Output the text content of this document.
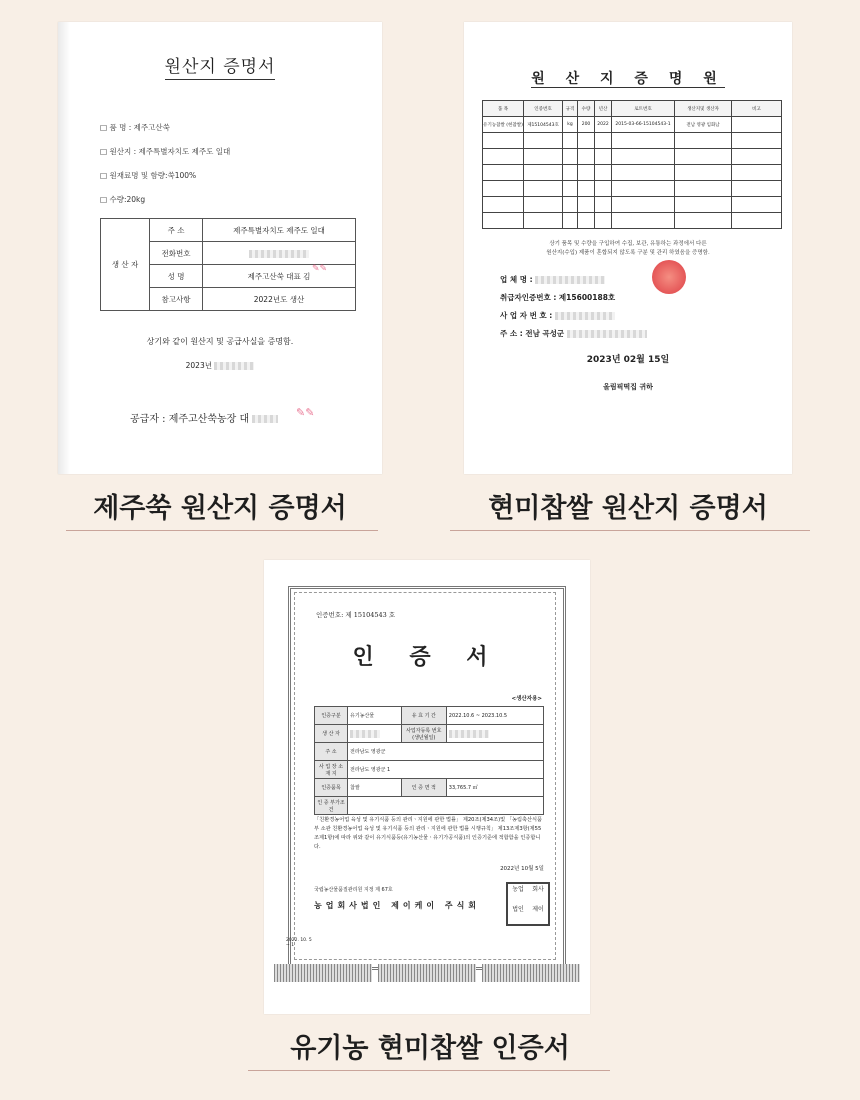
원산지 증명서
□ 품 명 : 제주고산쑥
□ 원산지 : 제주특별자치도 제주도 일대
□ 원재료명 및 함량:쑥100%
□ 수량:20kg
생 산 자	주 소	제주특별자치도 제주도 일대
	전화번호	
	성 명	제주고산쑥 대표 김
	참고사항	2022년도 생산
✎✎
상기와 같이 원산지 및 공급사실을 증명함.
2023년
공급자 : 제주고산쑥농장 대
✎✎
제주쑥 원산지 증명서
원 산 지 증 명 원
품 목	인증번호	규격	수량	년산	로트번호	생산지및 생산자	비고
유기농찹쌀 (현찹쌀)	제15104543호	kg	200	2022	2015-03-66-15104543-1	전남 영광 임화남	

상기 품목 및 수량을 구입하여 수집, 보관, 유통하는 과정에서 다른
원산지(수입) 제품이 혼합되지 않도록 구분 및 관리 하였음을 증명함.
업 체 명 :
취급자인증번호 : 제15600188호
사 업 자 번 호 :
주 소 : 전남 곡성군
2023년 02월 15일
올림픽떡집 귀하
현미찹쌀 원산지 증명서
인증번호: 제 15104543 호
인 증 서
<생산자용>
인증구분	유기농산물	유 효 기 간	2022.10.6 ~ 2023.10.5
생 산 자		사업자등록 번호(생년월일)	
주 소	전라남도 영광군		
사 업 장 소 재 지	전라남도 영광군 1		
인증품목	찹쌀	인 증 면 적	33,765.7 ㎡
인 증 부가조건			
「친환경농어업 육성 및 유기식품 등의 관리ㆍ지원에 관한 법률」 제20조(제34조)및 「농림축산식품부 소관 친환경농어업 육성 및 유기식품 등의 관리ㆍ지원에 관한 법률 시행규칙」 제13조제3항(제55조제1항)에 따라 위와 같이 유기식품등(유기농산물ㆍ유기가공식품)의 인증기준에 적합함을 인증합니다.
2022년 10월 5일
국립농산물품질관리원 지정 제 67호
농업회사법인 제이케이 주식회
농업	회사
법인	제이
2022. 10. 5
~ 1
유기농 현미찹쌀 인증서
